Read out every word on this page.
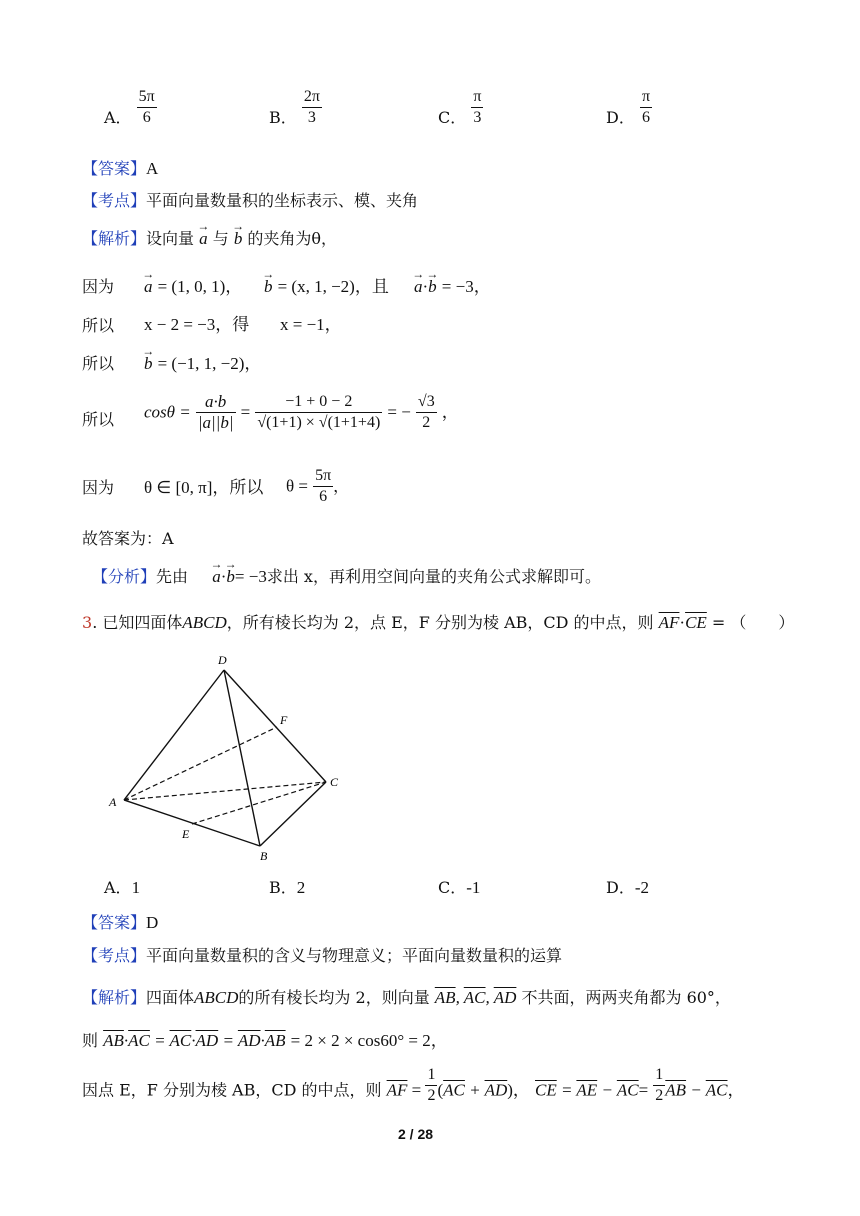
A． $\frac{5\pi}{6}$	B． $\frac{2\pi}{3}$	C． $\frac{\pi}{3}$	D． $\frac{\pi}{6}$
【答案】A
【考点】平面向量数量积的坐标表示、模、夹角
【解析】设向量 → a 与 → b 的夹角为θ，
因为 → a = (1, 0, 1)， → b = (x, 1, −2)，且 → a·→ b = −3，
所以 x − 2 = −3，得 x = −1，
所以 → b = (−1, 1, −2)，
所以 $\cos\theta = \frac{a\cdot b}{|a||b|} = \frac{-1 + 0 - 2}{√(1+1) \times √(1+1+4)}$ = − $\frac{√3}{2}$ ，
因为 θ ∈ [0, π]，所以 $\theta = \frac{5\pi}{6}$ ，
故答案为：A
【分析】先由 → a·→ b= −3求出 x，再利用空间向量的夹角公式求解即可。
3. 已知四面体ABCD，所有棱长均为 2，点 E，F 分别为棱 AB，CD 的中点，则 $\overline{AF}\cdot\overline{CE}$ = （　　）
D
F
C
A
E
B
A．1	B．2	C．-1	D．-2
【答案】D
【考点】平面向量数量积的含义与物理意义；平面向量数量积的运算
【解析】四面体ABCD的所有棱长均为 2，则向量 $\overline{AB}$, $\overline{AC}$, $\overline{AD}$ 不共面，两两夹角都为 60°，
则 $\overline{AB}\cdot\overline{AC} = \overline{AC}\cdot\overline{AD} = \overline{AD}\cdot\overline{AB} = 2 \times 2 \times \cos 60^\circ = 2$，
因点 E，F 分别为棱 AB，CD 的中点，则 $\overline{AF} = \frac{1}{2} (\overline{AC} + \overline{AD})$， $\overline{CE} = \overline{AE} - \overline{AC}= \frac{1}{2} \overline{AB} - \overline{AC}$，
2 / 28
